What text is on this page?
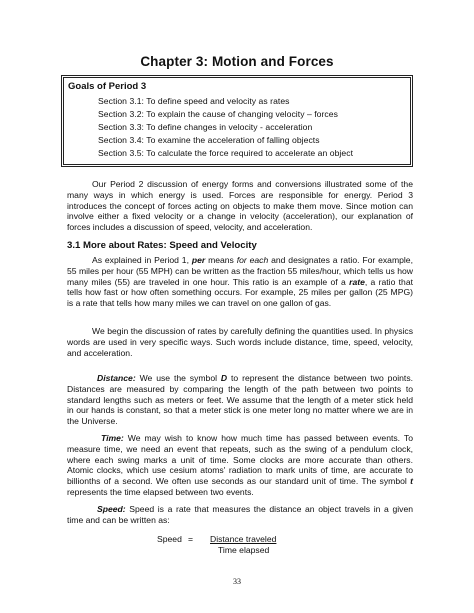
Chapter 3: Motion and Forces
Goals of Period 3
Section 3.1: To define speed and velocity as rates
Section 3.2: To explain the cause of changing velocity – forces
Section 3.3: To define changes in velocity - acceleration
Section 3.4: To examine the acceleration of falling objects
Section 3.5: To calculate the force required to accelerate an object

Our Period 2 discussion of energy forms and conversions illustrated some of the many ways in which energy is used. Forces are responsible for energy. Period 3 introduces the concept of forces acting on objects to make them move. Since motion can involve either a fixed velocity or a change in velocity (acceleration), our explanation of forces includes a discussion of speed, velocity, and acceleration.

3.1 More about Rates: Speed and Velocity

As explained in Period 1, per means for each and designates a ratio. For example, 55 miles per hour (55 MPH) can be written as the fraction 55 miles/hour, which tells us how many miles (55) are traveled in one hour. This ratio is an example of a rate, a ratio that tells how fast or how often something occurs. For example, 25 miles per gallon (25 MPG) is a rate that tells how many miles we can travel on one gallon of gas.

We begin the discussion of rates by carefully defining the quantities used. In physics words are used in very specific ways. Such words include distance, time, speed, velocity, and acceleration.

Distance: We use the symbol D to represent the distance between two points. Distances are measured by comparing the length of the path between two points to standard lengths such as meters or feet. We assume that the length of a meter stick held in our hands is constant, so that a meter stick is one meter long no matter where we are in the Universe.

Time: We may wish to know how much time has passed between events. To measure time, we need an event that repeats, such as the swing of a pendulum clock, where each swing marks a unit of time. Some clocks are more accurate than others. Atomic clocks, which use cesium atoms' radiation to mark units of time, are accurate to billionths of a second. We often use seconds as our standard unit of time. The symbol t represents the time elapsed between two events.

Speed: Speed is a rate that measures the distance an object travels in a given time and can be written as:

Speed = Distance traveled
Time elapsed
33
